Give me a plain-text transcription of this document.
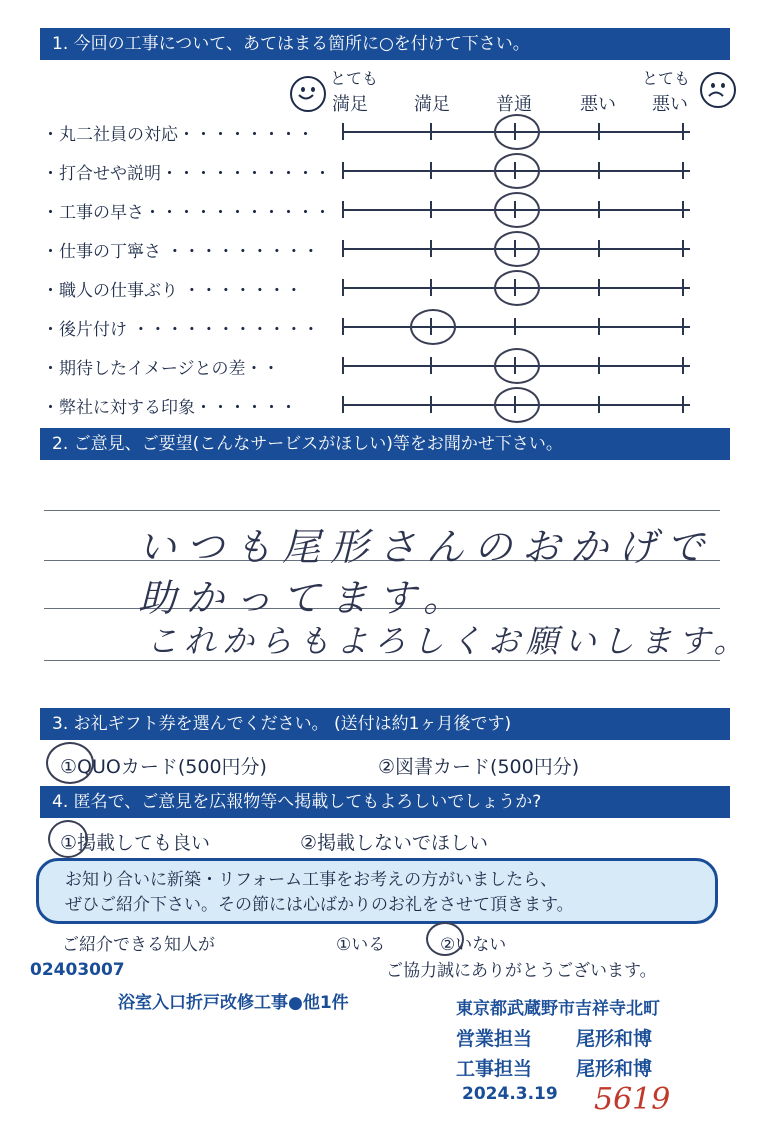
1. 今回の工事について、あてはまる箇所に○を付けて下さい。
とても
満足	満足	普通	悪い
とても
悪い
・丸二社員の対応・・・・・・・・
・打合せや説明・・・・・・・・・・
・工事の早さ・・・・・・・・・・・
・仕事の丁寧さ ・・・・・・・・・
・職人の仕事ぶり ・・・・・・・
・後片付け ・・・・・・・・・・・
・期待したイメージとの差・・
・弊社に対する印象・・・・・・
2. ご意見、ご要望(こんなサービスがほしい)等をお聞かせ下さい。
いつも尾形さんのおかげで
助かってます。
これからもよろしくお願いします。
3. お礼ギフト券を選んでください。 (送付は約1ヶ月後です)
①QUOカード(500円分)	②図書カード(500円分)
4. 匿名で、ご意見を広報物等へ掲載してもよろしいでしょうか?
①掲載しても良い	②掲載しないでほしい
お知り合いに新築・リフォーム工事をお考えの方がいましたら、
ぜひご紹介下さい。その節には心ばかりのお礼をさせて頂きます。
ご紹介できる知人が	①いる	②いない
ご協力誠にありがとうございます。
02403007
浴室入口折戸改修工事●他1件	東京都武蔵野市吉祥寺北町
営業担当 尾形和博
工事担当 尾形和博
2024.3.19 5619
